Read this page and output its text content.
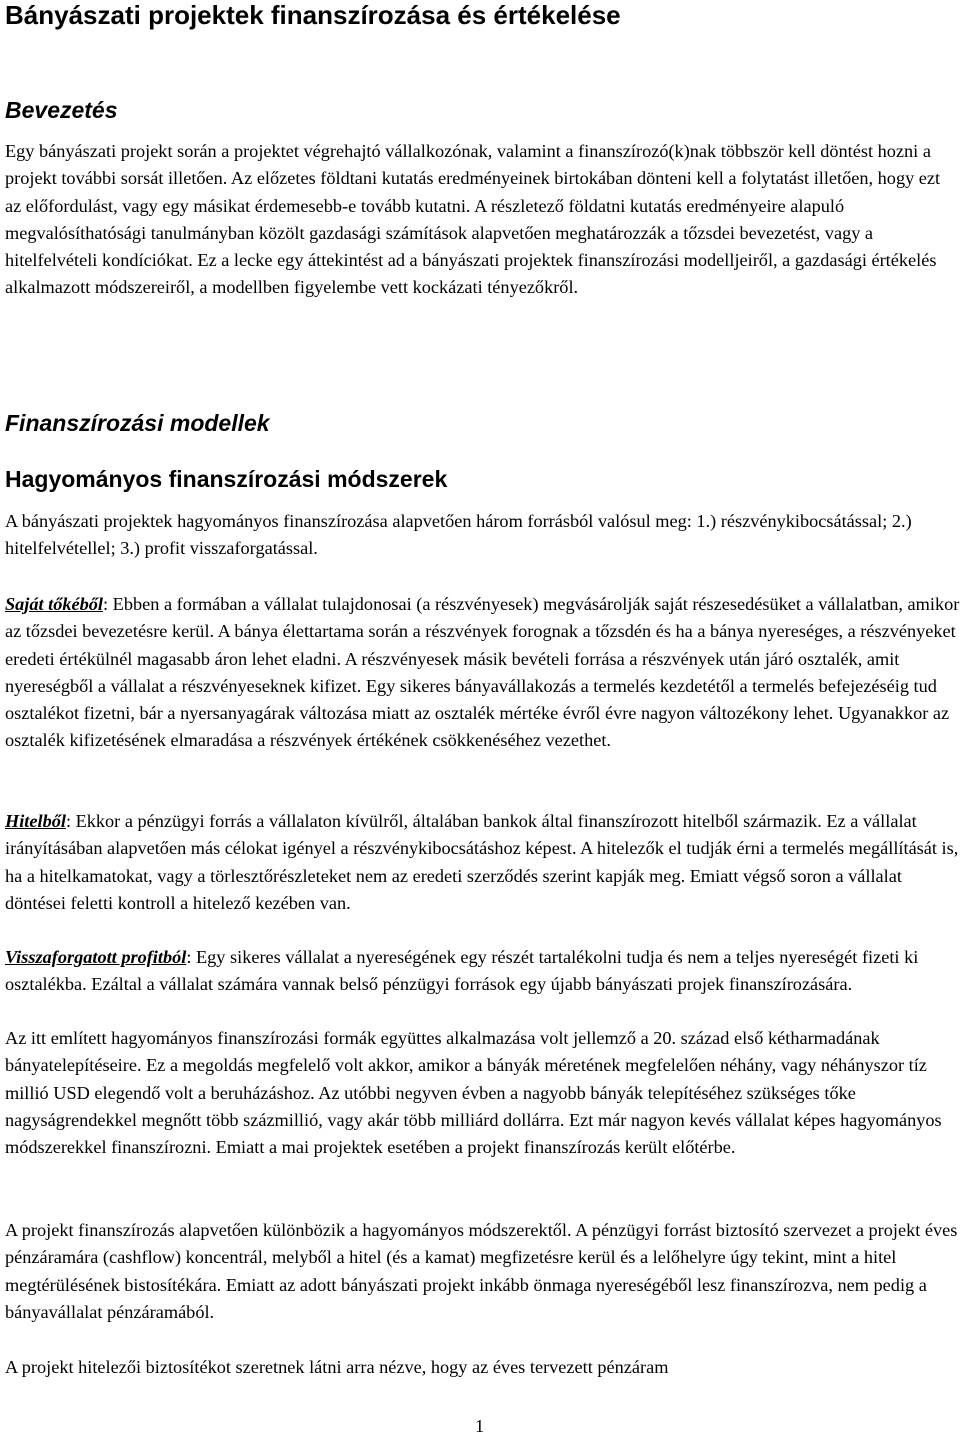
Bányászati projektek finanszírozása és értékelése
Bevezetés

Egy bányászati projekt során a projektet végrehajtó vállalkozónak, valamint a finanszírozó(k)nak többször kell döntést hozni a projekt további sorsát illetően. Az előzetes földtani kutatás eredményeinek birtokában dönteni kell a folytatást illetően, hogy ezt az előfordulást, vagy egy másikat érdemesebb-e tovább kutatni. A részletező földatni kutatás eredményeire alapuló megvalósíthatósági tanulmányban közölt gazdasági számítások alapvetően meghatározzák a tőzsdei bevezetést, vagy a hitelfelvételi kondíciókat. Ez a lecke egy áttekintést ad a bányászati projektek finanszírozási modelljeiről, a gazdasági értékelés alkalmazott módszereiről, a modellben figyelembe vett kockázati tényezőkről.

Finanszírozási modellek
Hagyományos finanszírozási módszerek

A bányászati projektek hagyományos finanszírozása alapvetően három forrásból valósul meg: 1.) részvénykibocsátással; 2.) hitelfelvétellel; 3.) profit visszaforgatással.

Saját tőkéből: Ebben a formában a vállalat tulajdonosai (a részvényesek) megvásárolják saját részesedésüket a vállalatban, amikor az tőzsdei bevezetésre kerül. A bánya élettartama során a részvények forognak a tőzsdén és ha a bánya nyereséges, a részvényeket eredeti értékülnél magasabb áron lehet eladni. A részvényesek másik bevételi forrása a részvények után járó osztalék, amit nyereségből a vállalat a részvényeseknek kifizet. Egy sikeres bányavállakozás a termelés kezdetétől a termelés befejezéséig tud osztalékot fizetni, bár a nyersanyagárak változása miatt az osztalék mértéke évről évre nagyon változékony lehet. Ugyanakkor az osztalék kifizetésének elmaradása a részvények értékének csökkenéséhez vezethet.

Hitelből: Ekkor a pénzügyi forrás a vállalaton kívülről, általában bankok által finanszírozott hitelből származik. Ez a vállalat irányításában alapvetően más célokat igényel a részvénykibocsátáshoz képest. A hitelezők el tudják érni a termelés megállítását is, ha a hitelkamatokat, vagy a törlesztőrészleteket nem az eredeti szerződés szerint kapják meg. Emiatt végső soron a vállalat döntései feletti kontroll a hitelező kezében van.

Visszaforgatott profitból: Egy sikeres vállalat a nyereségének egy részét tartalékolni tudja és nem a teljes nyereségét fizeti ki osztalékba. Ezáltal a vállalat számára vannak belső pénzügyi források egy újabb bányászati projek finanszírozására.

Az itt említett hagyományos finanszírozási formák együttes alkalmazása volt jellemző a 20. század első kétharmadának bányatelepítéseire. Ez a megoldás megfelelő volt akkor, amikor a bányák méretének megfelelően néhány, vagy néhányszor tíz millió USD elegendő volt a beruházáshoz. Az utóbbi negyven évben a nagyobb bányák telepítéséhez szükséges tőke nagyságrendekkel megnőtt több százmillió, vagy akár több milliárd dollárra. Ezt már nagyon kevés vállalat képes hagyományos módszerekkel finanszírozni. Emiatt a mai projektek esetében a projekt finanszírozás került előtérbe.

A projekt finanszírozás alapvetően különbözik a hagyományos módszerektől. A pénzügyi forrást biztosító szervezet a projekt éves pénzáramára (cashflow) koncentrál, melyből a hitel (és a kamat) megfizetésre kerül és a lelőhelyre úgy tekint, mint a hitel megtérülésének bistosítékára. Emiatt az adott bányászati projekt inkább önmaga nyereségéből lesz finanszírozva, nem pedig a bányavállalat pénzáramából.

A projekt hitelezői biztosítékot szeretnek látni arra nézve, hogy az éves tervezett pénzáram

1
